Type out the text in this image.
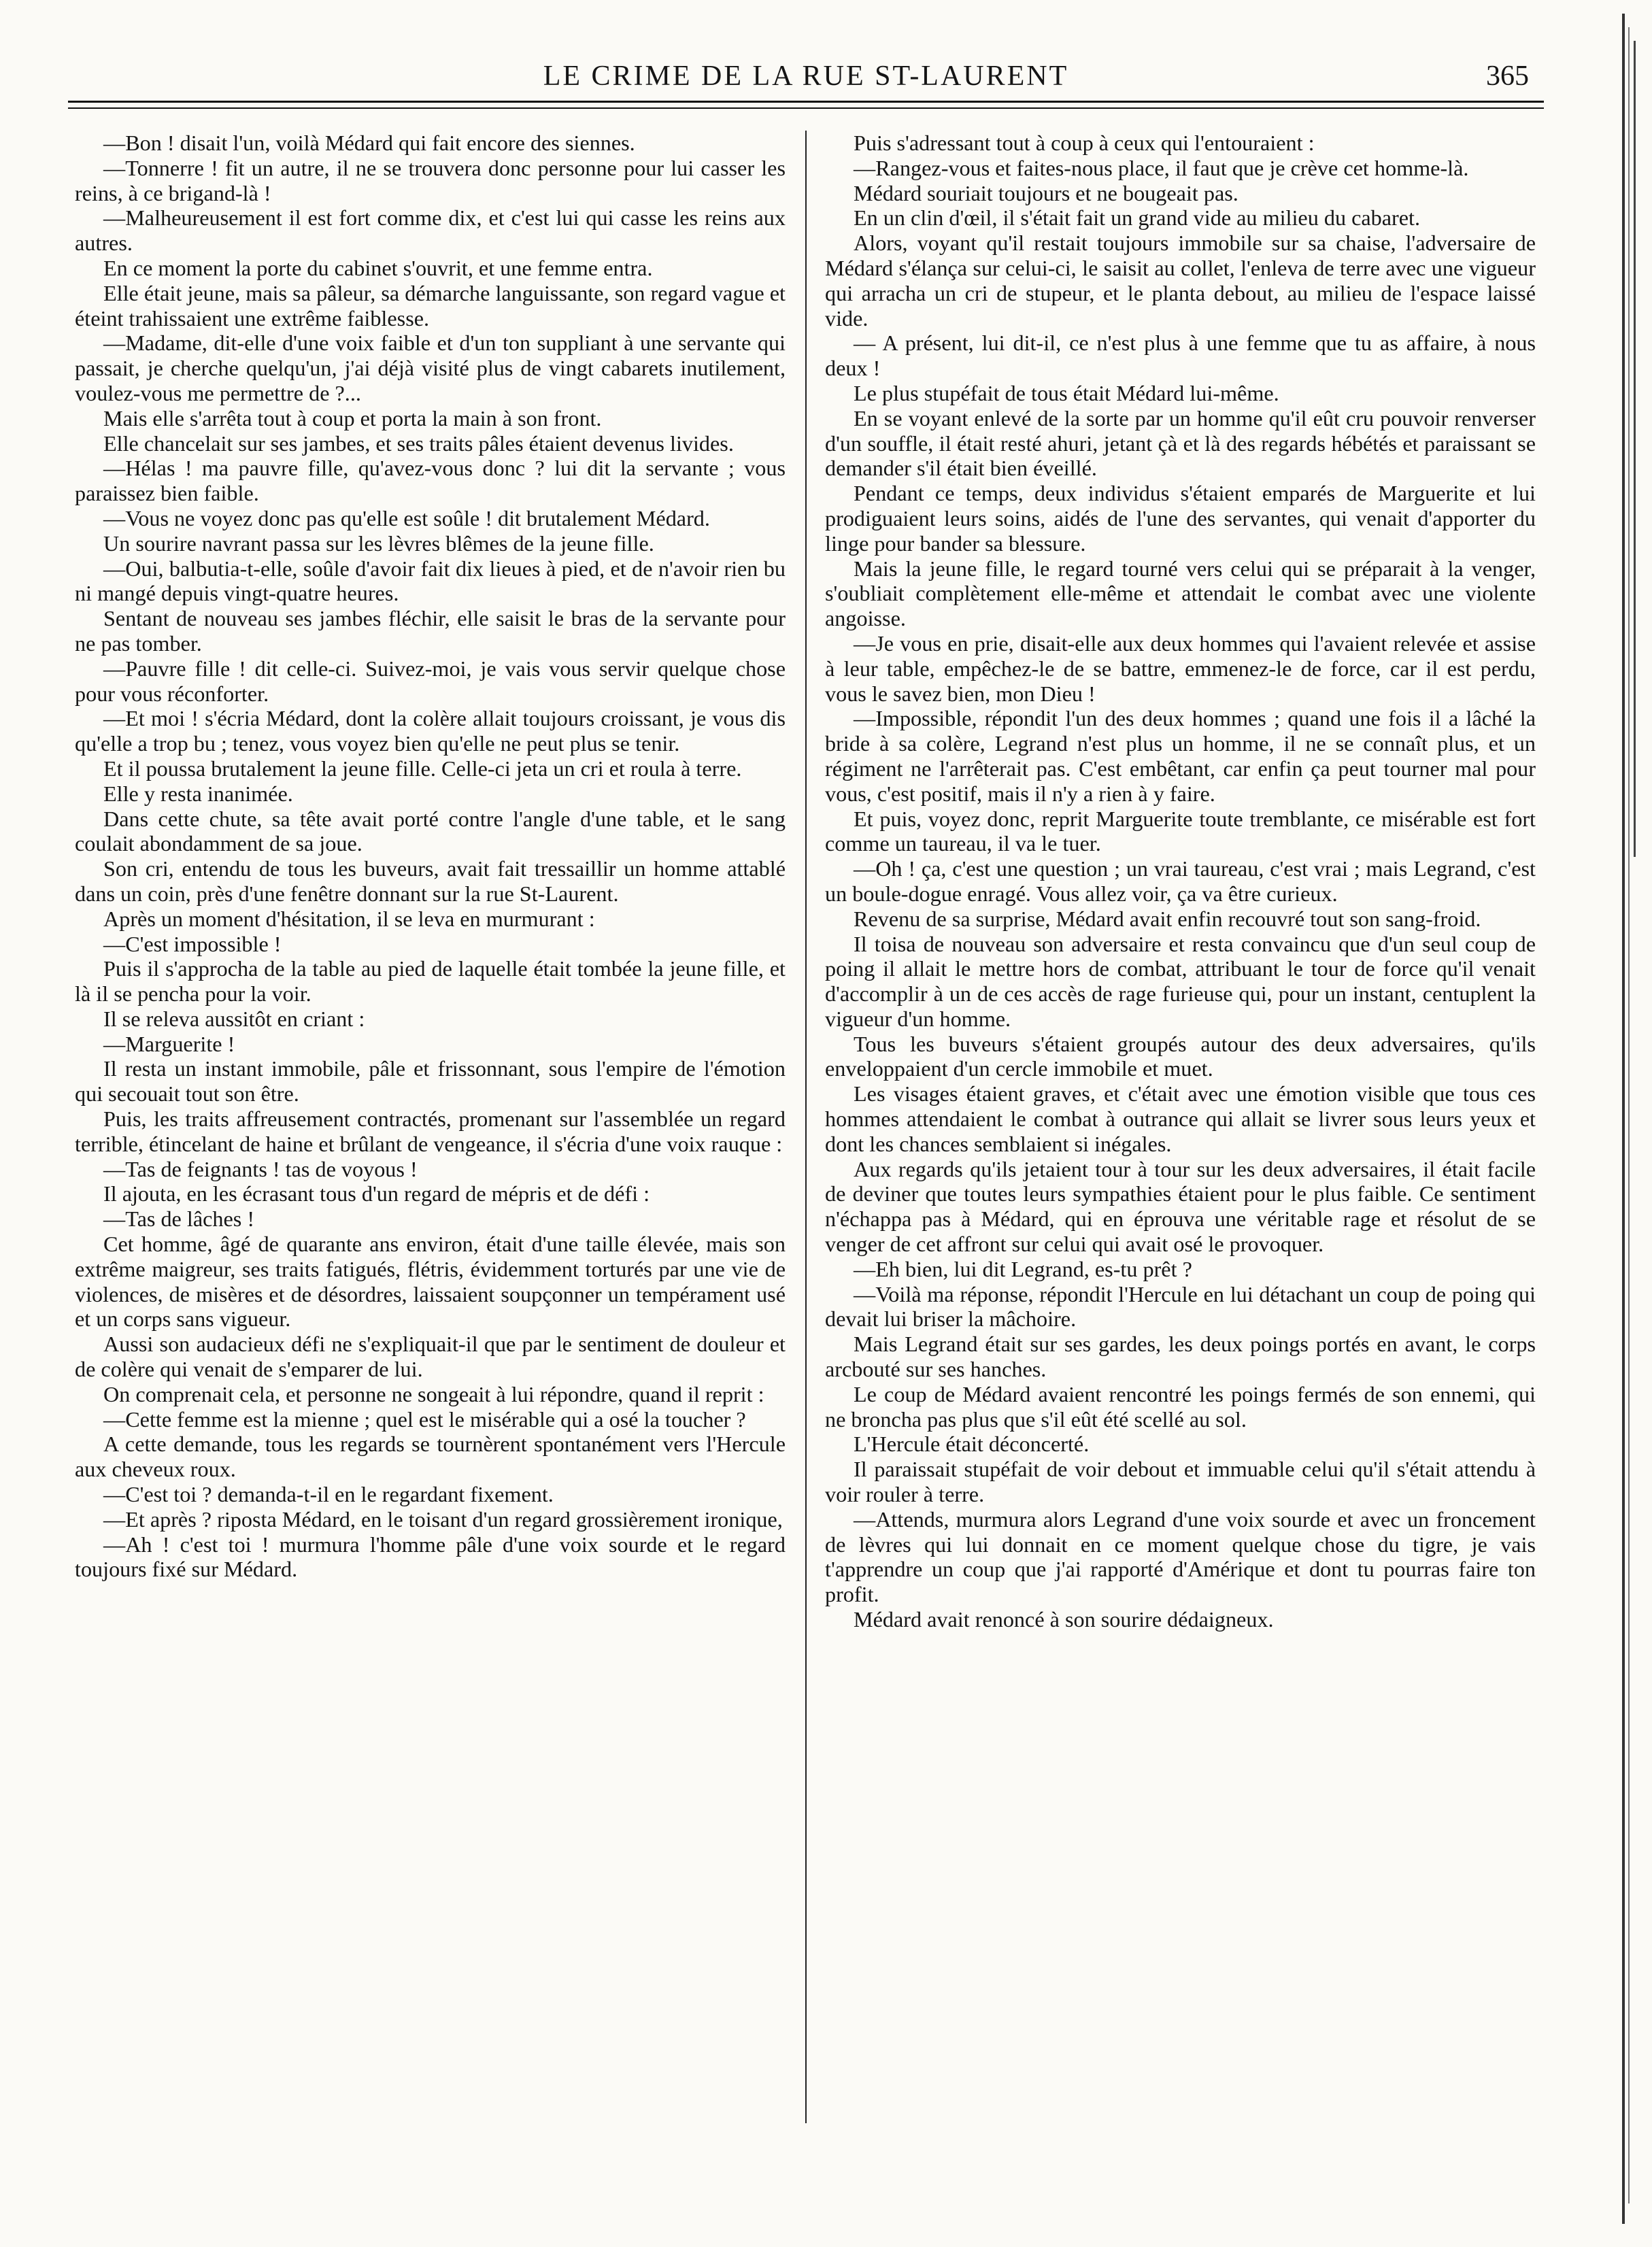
LE CRIME DE LA RUE ST-LAURENT	365

—Bon ! disait l'un, voilà Médard qui fait encore des siennes.

—Tonnerre ! fit un autre, il ne se trouvera donc personne pour lui casser les reins, à ce brigand-là !

—Malheureusement il est fort comme dix, et c'est lui qui casse les reins aux autres.

En ce moment la porte du cabinet s'ouvrit, et une femme entra.

Elle était jeune, mais sa pâleur, sa démarche languissante, son regard vague et éteint trahissaient une extrême faiblesse.

—Madame, dit-elle d'une voix faible et d'un ton suppliant à une servante qui passait, je cherche quelqu'un, j'ai déjà visité plus de vingt cabarets inutilement, voulez-vous me permettre de ?...

Mais elle s'arrêta tout à coup et porta la main à son front.

Elle chancelait sur ses jambes, et ses traits pâles étaient devenus livides.

—Hélas ! ma pauvre fille, qu'avez-vous donc ? lui dit la servante ; vous paraissez bien faible.

—Vous ne voyez donc pas qu'elle est soûle ! dit brutalement Médard.

Un sourire navrant passa sur les lèvres blêmes de la jeune fille.

—Oui, balbutia-t-elle, soûle d'avoir fait dix lieues à pied, et de n'avoir rien bu ni mangé depuis vingt-quatre heures.

Sentant de nouveau ses jambes fléchir, elle saisit le bras de la servante pour ne pas tomber.

—Pauvre fille ! dit celle-ci. Suivez-moi, je vais vous servir quelque chose pour vous réconforter.

—Et moi ! s'écria Médard, dont la colère allait toujours croissant, je vous dis qu'elle a trop bu ; tenez, vous voyez bien qu'elle ne peut plus se tenir.

Et il poussa brutalement la jeune fille. Celle-ci jeta un cri et roula à terre.

Elle y resta inanimée.

Dans cette chute, sa tête avait porté contre l'angle d'une table, et le sang coulait abondamment de sa joue.

Son cri, entendu de tous les buveurs, avait fait tressaillir un homme attablé dans un coin, près d'une fenêtre donnant sur la rue St-Laurent.

Après un moment d'hésitation, il se leva en murmurant :

—C'est impossible !

Puis il s'approcha de la table au pied de laquelle était tombée la jeune fille, et là il se pencha pour la voir.

Il se releva aussitôt en criant :

—Marguerite !

Il resta un instant immobile, pâle et frissonnant, sous l'empire de l'émotion qui secouait tout son être.

Puis, les traits affreusement contractés, promenant sur l'assemblée un regard terrible, étincelant de haine et brûlant de vengeance, il s'écria d'une voix rauque :

—Tas de feignants ! tas de voyous !

Il ajouta, en les écrasant tous d'un regard de mépris et de défi :

—Tas de lâches !

Cet homme, âgé de quarante ans environ, était d'une taille élevée, mais son extrême maigreur, ses traits fatigués, flétris, évidemment torturés par une vie de violences, de misères et de désordres, laissaient soupçonner un tempérament usé et un corps sans vigueur.

Aussi son audacieux défi ne s'expliquait-il que par le sentiment de douleur et de colère qui venait de s'emparer de lui.

On comprenait cela, et personne ne songeait à lui répondre, quand il reprit :

—Cette femme est la mienne ; quel est le misérable qui a osé la toucher ?

A cette demande, tous les regards se tournèrent spontanément vers l'Hercule aux cheveux roux.

—C'est toi ? demanda-t-il en le regardant fixement.

—Et après ? riposta Médard, en le toisant d'un regard grossièrement ironique,

—Ah ! c'est toi ! murmura l'homme pâle d'une voix sourde et le regard toujours fixé sur Médard.

Puis s'adressant tout à coup à ceux qui l'entouraient :

—Rangez-vous et faites-nous place, il faut que je crève cet homme-là.

Médard souriait toujours et ne bougeait pas.

En un clin d'œil, il s'était fait un grand vide au milieu du cabaret.

Alors, voyant qu'il restait toujours immobile sur sa chaise, l'adversaire de Médard s'élança sur celui-ci, le saisit au collet, l'enleva de terre avec une vigueur qui arracha un cri de stupeur, et le planta debout, au milieu de l'espace laissé vide.

— A présent, lui dit-il, ce n'est plus à une femme que tu as affaire, à nous deux !

Le plus stupéfait de tous était Médard lui-même.

En se voyant enlevé de la sorte par un homme qu'il eût cru pouvoir renverser d'un souffle, il était resté ahuri, jetant çà et là des regards hébétés et paraissant se demander s'il était bien éveillé.

Pendant ce temps, deux individus s'étaient emparés de Marguerite et lui prodiguaient leurs soins, aidés de l'une des servantes, qui venait d'apporter du linge pour bander sa blessure.

Mais la jeune fille, le regard tourné vers celui qui se préparait à la venger, s'oubliait complètement elle-même et attendait le combat avec une violente angoisse.

—Je vous en prie, disait-elle aux deux hommes qui l'avaient relevée et assise à leur table, empêchez-le de se battre, emmenez-le de force, car il est perdu, vous le savez bien, mon Dieu !

—Impossible, répondit l'un des deux hommes ; quand une fois il a lâché la bride à sa colère, Legrand n'est plus un homme, il ne se connaît plus, et un régiment ne l'arrêterait pas. C'est embêtant, car enfin ça peut tourner mal pour vous, c'est positif, mais il n'y a rien à y faire.

Et puis, voyez donc, reprit Marguerite toute tremblante, ce misérable est fort comme un taureau, il va le tuer.

—Oh ! ça, c'est une question ; un vrai taureau, c'est vrai ; mais Legrand, c'est un boule-dogue enragé. Vous allez voir, ça va être curieux.

Revenu de sa surprise, Médard avait enfin recouvré tout son sang-froid.

Il toisa de nouveau son adversaire et resta convaincu que d'un seul coup de poing il allait le mettre hors de combat, attribuant le tour de force qu'il venait d'accomplir à un de ces accès de rage furieuse qui, pour un instant, centuplent la vigueur d'un homme.

Tous les buveurs s'étaient groupés autour des deux adversaires, qu'ils enveloppaient d'un cercle immobile et muet.

Les visages étaient graves, et c'était avec une émotion visible que tous ces hommes attendaient le combat à outrance qui allait se livrer sous leurs yeux et dont les chances semblaient si inégales.

Aux regards qu'ils jetaient tour à tour sur les deux adversaires, il était facile de deviner que toutes leurs sympathies étaient pour le plus faible. Ce sentiment n'échappa pas à Médard, qui en éprouva une véritable rage et résolut de se venger de cet affront sur celui qui avait osé le provoquer.

—Eh bien, lui dit Legrand, es-tu prêt ?

—Voilà ma réponse, répondit l'Hercule en lui détachant un coup de poing qui devait lui briser la mâchoire.

Mais Legrand était sur ses gardes, les deux poings portés en avant, le corps arcbouté sur ses hanches.

Le coup de Médard avaient rencontré les poings fermés de son ennemi, qui ne broncha pas plus que s'il eût été scellé au sol.

L'Hercule était déconcerté.

Il paraissait stupéfait de voir debout et immuable celui qu'il s'était attendu à voir rouler à terre.

—Attends, murmura alors Legrand d'une voix sourde et avec un froncement de lèvres qui lui donnait en ce moment quelque chose du tigre, je vais t'apprendre un coup que j'ai rapporté d'Amérique et dont tu pourras faire ton profit.

Médard avait renoncé à son sourire dédaigneux.
